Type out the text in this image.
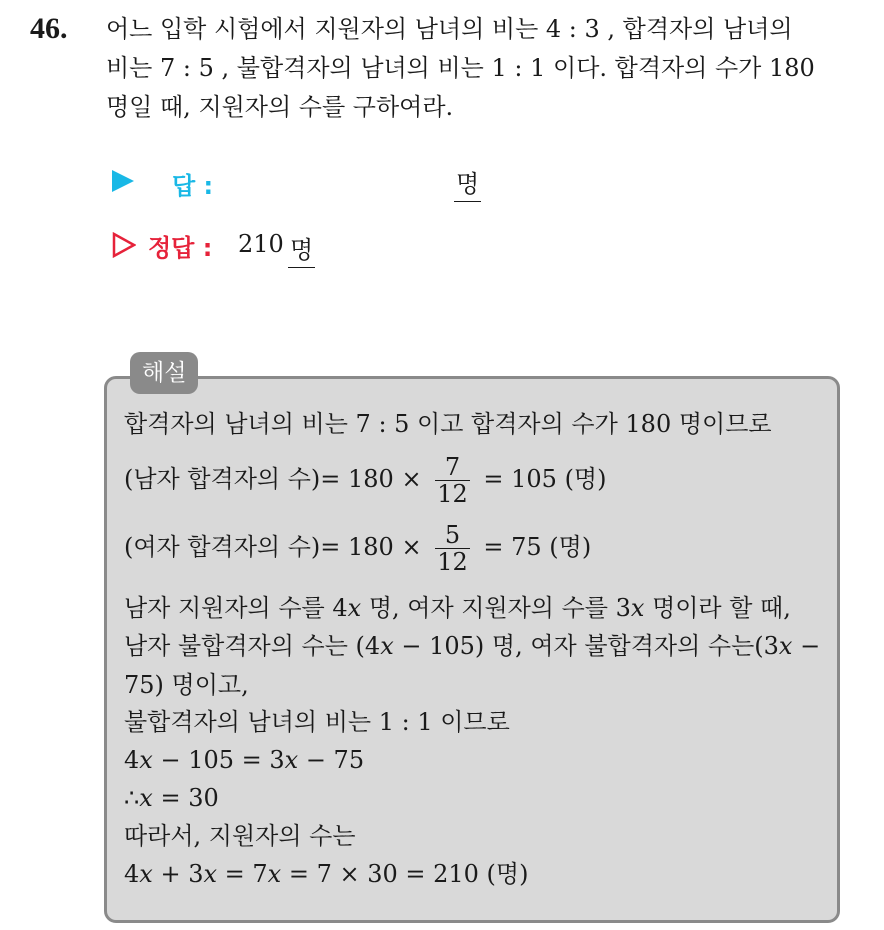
46. 어느 입학 시험에서 지원자의 남녀의 비는 4 : 3 , 합격자의 남녀의
비는 7 : 5 , 불합격자의 남녀의 비는 1 : 1 이다. 합격자의 수가 180
명일 때, 지원자의 수를 구하여라.
답 :	명
정답 : 210 명
해설
합격자의 남녀의 비는 7 : 5 이고 합격자의 수가 180 명이므로
(남자 합격자의 수)= $180 \times \frac{7}{12} = 105$ (명)
(여자 합격자의 수)= $180 \times \frac{5}{12} = 75$ (명)
남자 지원자의 수를 4x 명, 여자 지원자의 수를 3x 명이라 할 때,
남자 불합격자의 수는 (4x − 105) 명, 여자 불합격자의 수는(3x −
75) 명이고,
불합격자의 남녀의 비는 1 : 1 이므로
4x − 105 = 3x − 75
∴x = 30
따라서, 지원자의 수는
4x + 3x = 7x = 7 × 30 = 210 (명)
